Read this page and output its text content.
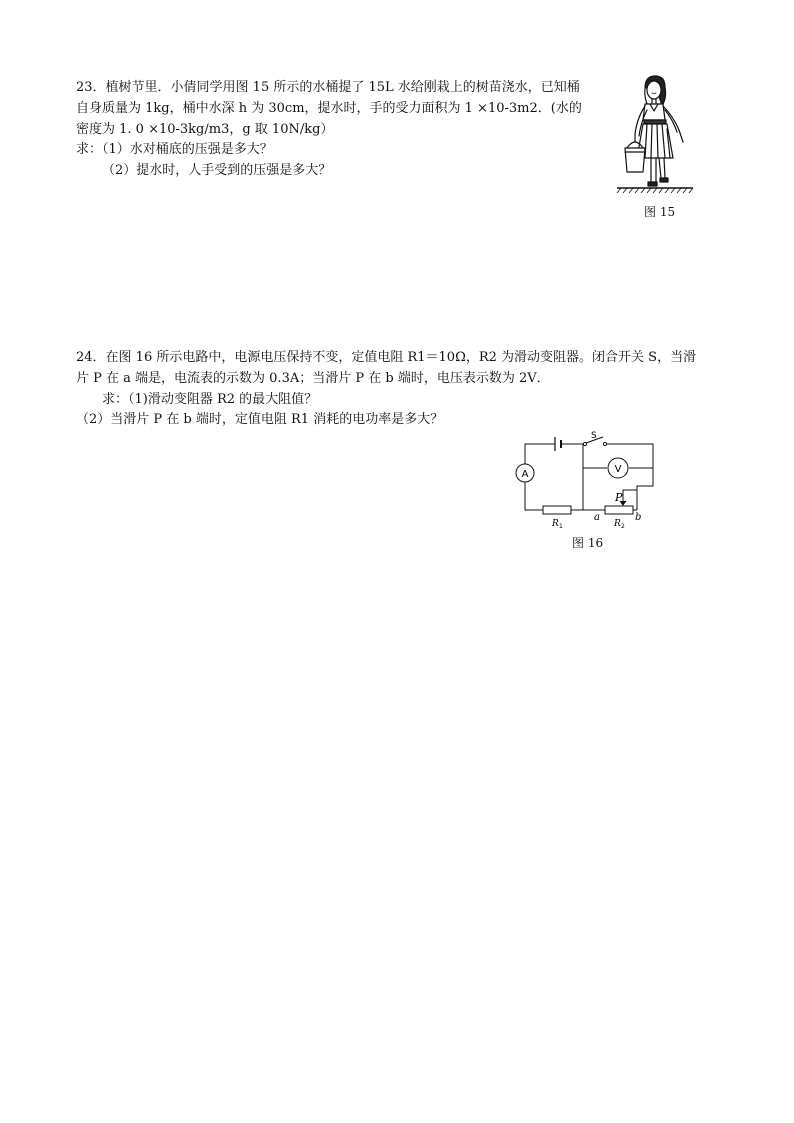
23．植树节里．小倩同学用图 15 所示的水桶提了 15L 水给刚栽上的树苗浇水，已知桶
自身质量为 1kg，桶中水深 h 为 30cm，提水时，手的受力面积为 1 ×10-3m2．(水的
密度为 1. 0 ×10-3kg/m3，g 取 10N/kg）
求：（1）水对桶底的压强是多大？
（2）提水时，人手受到的压强是多大？
图 15
24．在图 16 所示电路中，电源电压保持不变，定值电阻 R1＝10Ω，R2 为滑动变阻器。闭合开关 S，当滑
片 P 在 a 端是，电流表的示数为 0.3A；当滑片 P 在 b 端时，电压表示数为 2V．
求：（1)滑动变阻器 R2 的最大阻值？
（2）当滑片 P 在 b 端时，定值电阻 R1 消耗的电功率是多大？
A	V
S
P
R 1	R 2
a	b
图 16
